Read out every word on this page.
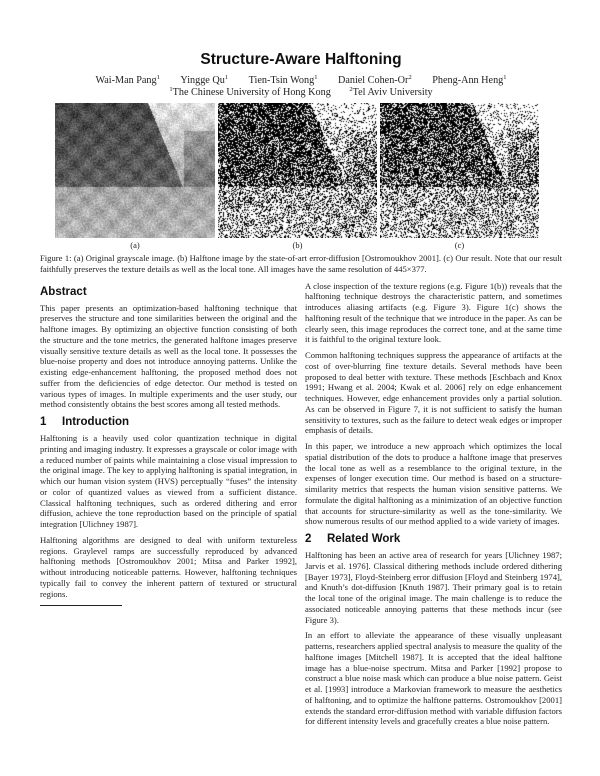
Structure-Aware Halftoning
Wai-Man Pang$^1$ Yingge Qu$^1$ Tien-Tsin Wong$^1$ Daniel Cohen-Or$^2$ Pheng-Ann Heng$^1$
$^1$The Chinese University of Hong Kong	$^2$Tel Aviv University
(a)	(b)	(c)
Figure 1: (a) Original grayscale image. (b) Halftone image by the state-of-art error-diffusion [Ostromoukhov 2001]. (c) Our result. Note that our result faithfully preserves the texture details as well as the local tone. All images have the same resolution of 445×377.
Abstract

This paper presents an optimization-based halftoning technique that preserves the structure and tone similarities between the original and the halftone images. By optimizing an objective function consisting of both the structure and the tone metrics, the generated halftone images preserve visually sensitive texture details as well as the local tone. It possesses the blue-noise property and does not introduce annoying patterns. Unlike the existing edge-enhancement halftoning, the proposed method does not suffer from the deficiencies of edge detector. Our method is tested on various types of images. In multiple experiments and the user study, our method consistently obtains the best scores among all tested methods.

1 Introduction

Halftoning is a heavily used color quantization technique in digital printing and imaging industry. It expresses a grayscale or color image with a reduced number of paints while maintaining a close visual impression to the original image. The key to applying halftoning is spatial integration, in which our human vision system (HVS) perceptually “fuses” the intensity or color of quantized values as viewed from a sufficient distance. Classical halftoning techniques, such as ordered dithering and error diffusion, achieve the tone reproduction based on the principle of spatial integration [Ulichney 1987].

Halftoning algorithms are designed to deal with uniform textureless regions. Graylevel ramps are successfully reproduced by advanced halftoning methods [Ostromoukhov 2001; Mitsa and Parker 1992], without introducing noticeable patterns. However, halftoning techniques typically fail to convey the inherent pattern of textured or structural regions.

A close inspection of the texture regions (e.g. Figure 1(b)) reveals that the halftoning technique destroys the characteristic pattern, and sometimes introduces aliasing artifacts (e.g. Figure 3). Figure 1(c) shows the halftoning result of the technique that we introduce in the paper. As can be clearly seen, this image reproduces the correct tone, and at the same time it is faithful to the original texture look.

Common halftoning techniques suppress the appearance of artifacts at the cost of over-blurring fine texture details. Several methods have been proposed to deal better with texture. These methods [Eschbach and Knox 1991; Hwang et al. 2004; Kwak et al. 2006] rely on edge enhancement techniques. However, edge enhancement provides only a partial solution. As can be observed in Figure 7, it is not sufficient to satisfy the human sensitivity to textures, such as the failure to detect weak edges or improper emphasis of details.

In this paper, we introduce a new approach which optimizes the local spatial distribution of the dots to produce a halftone image that preserves the local tone as well as a resemblance to the original texture, in the expenses of longer execution time. Our method is based on a structure-similarity metrics that respects the human vision sensitive patterns. We formulate the digital halftoning as a minimization of an objective function that accounts for structure-similarity as well as the tone-similarity. We show numerous results of our method applied to a wide variety of images.

2 Related Work

Halftoning has been an active area of research for years [Ulichney 1987; Jarvis et al. 1976]. Classical dithering methods include ordered dithering [Bayer 1973], Floyd-Steinberg error diffusion [Floyd and Steinberg 1974], and Knuth’s dot-diffusion [Knuth 1987]. Their primary goal is to retain the local tone of the original image. The main challenge is to reduce the associated noticeable annoying patterns that these methods incur (see Figure 3).

In an effort to alleviate the appearance of these visually unpleasant patterns, researchers applied spectral analysis to measure the quality of the halftone images [Mitchell 1987]. It is accepted that the ideal halftone image has a blue-noise spectrum. Mitsa and Parker [1992] propose to construct a blue noise mask which can produce a blue noise pattern. Geist et al. [1993] introduce a Markovian framework to measure the aesthetics of halftoning, and to optimize the halftone patterns. Ostromoukhov [2001] extends the standard error-diffusion method with variable diffusion factors for different intensity levels and gracefully creates a blue noise pattern.
